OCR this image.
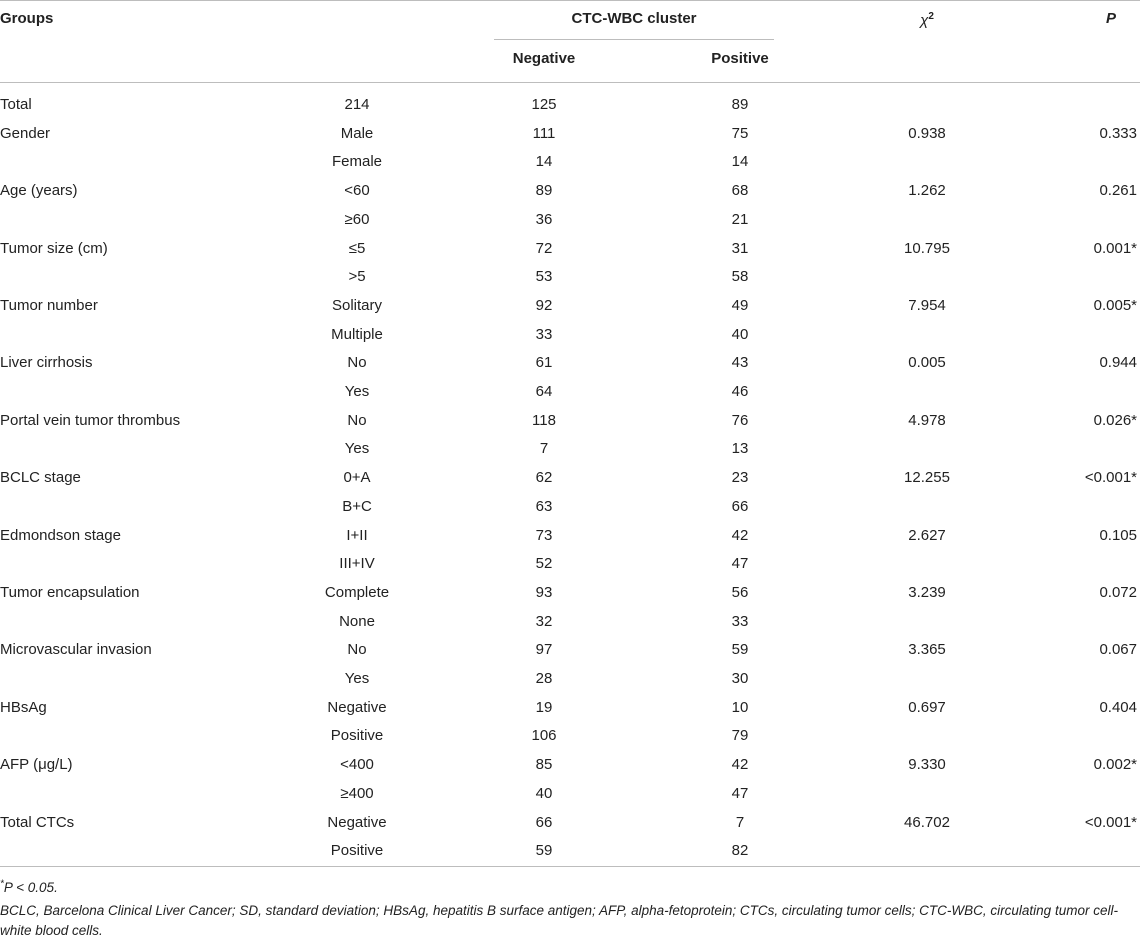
Groups	CTC-WBC cluster
Negative	Positive
$\chi^2$	P
Total	214	125	89
Gender	Male	111	75	0.938	0.333
Female	14	14
Age (years)	<60	89	68	1.262	0.261
≥60	36	21
Tumor size (cm)	≤5	72	31	10.795	0.001*
>5	53	58
Tumor number	Solitary	92	49	7.954	0.005*
Multiple	33	40
Liver cirrhosis	No	61	43	0.005	0.944
Yes	64	46
Portal vein tumor thrombus	No	118	76	4.978	0.026*
Yes	7	13
BCLC stage	0+A	62	23	12.255	<0.001*
B+C	63	66
Edmondson stage	I+II	73	42	2.627	0.105
III+IV	52	47
Tumor encapsulation	Complete	93	56	3.239	0.072
None	32	33
Microvascular invasion	No	97	59	3.365	0.067
Yes	28	30
HBsAg	Negative	19	10	0.697	0.404
Positive	106	79
AFP (μg/L)	<400	85	42	9.330	0.002*
≥400	40	47
Total CTCs	Negative	66	7	46.702	<0.001*
Positive	59	82
*P < 0.05.
BCLC, Barcelona Clinical Liver Cancer; SD, standard deviation; HBsAg, hepatitis B surface antigen; AFP, alpha-fetoprotein; CTCs, circulating tumor cells; CTC-WBC, circulating tumor cell-white blood cells.
